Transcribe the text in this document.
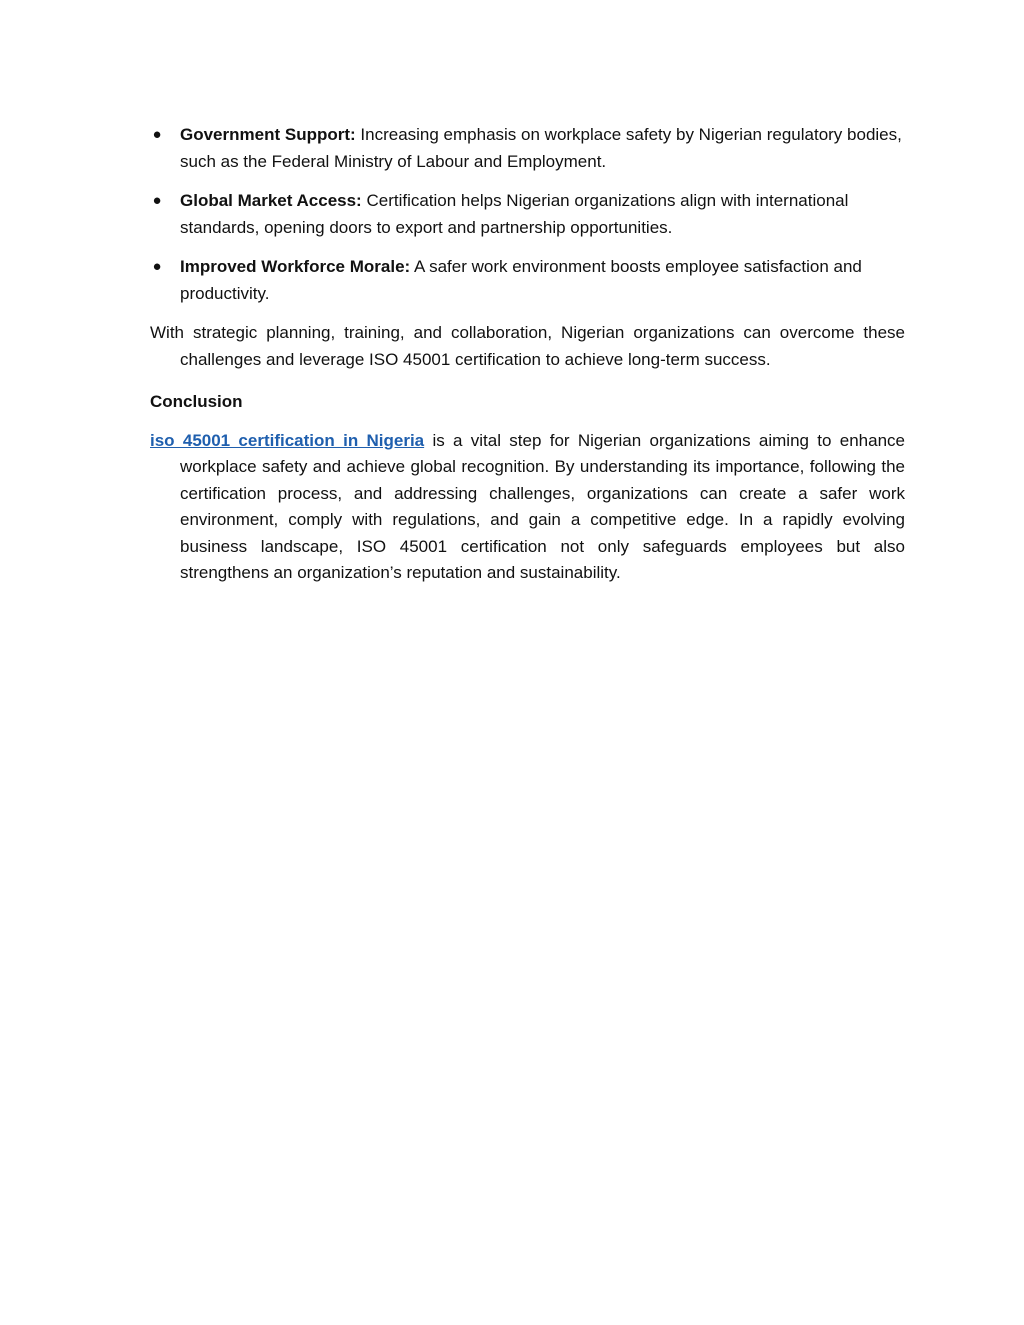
● Government Support: Increasing emphasis on workplace safety by Nigerian regulatory bodies, such as the Federal Ministry of Labour and Employment.
● Global Market Access: Certification helps Nigerian organizations align with international standards, opening doors to export and partnership opportunities.
● Improved Workforce Morale: A safer work environment boosts employee satisfaction and productivity.

With strategic planning, training, and collaboration, Nigerian organizations can overcome these challenges and leverage ISO 45001 certification to achieve long-term success.

Conclusion

iso 45001 certification in Nigeria is a vital step for Nigerian organizations aiming to enhance workplace safety and achieve global recognition. By understanding its importance, following the certification process, and addressing challenges, organizations can create a safer work environment, comply with regulations, and gain a competitive edge. In a rapidly evolving business landscape, ISO 45001 certification not only safeguards employees but also strengthens an organization’s reputation and sustainability.
